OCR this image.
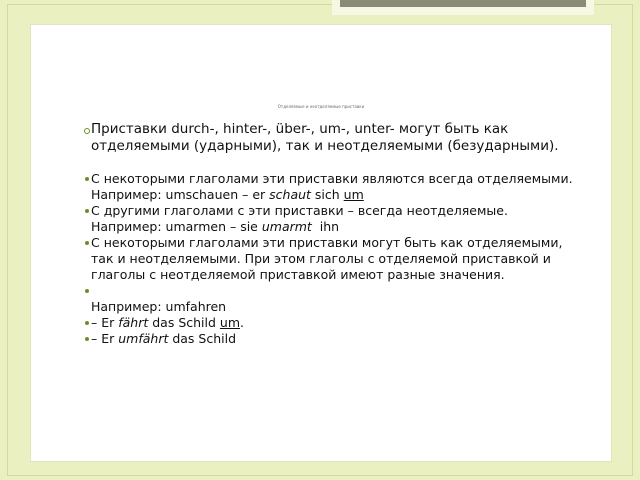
Отделяемые и неотделяемые приставки
Приставки durch-, hinter-, über-, um-, unter- могут быть как отделяемыми (ударными), так и неотделяемыми (безударными).
С некоторыми глаголами эти приставки являются всегда отделяемыми.
Например: umschauen – er schaut sich um
С другими глаголами с эти приставки – всегда неотделяемые.
Например: umarmen – sie umarmt  ihn
С некоторыми глаголами эти приставки могут быть как отделяемыми, так и неотделяемыми. При этом глаголы с отделяемой приставкой и глаголы с неотделяемой приставкой имеют разные значения.

Например: umfahren
– Er fährt das Schild um.
– Er umfährt das Schild
